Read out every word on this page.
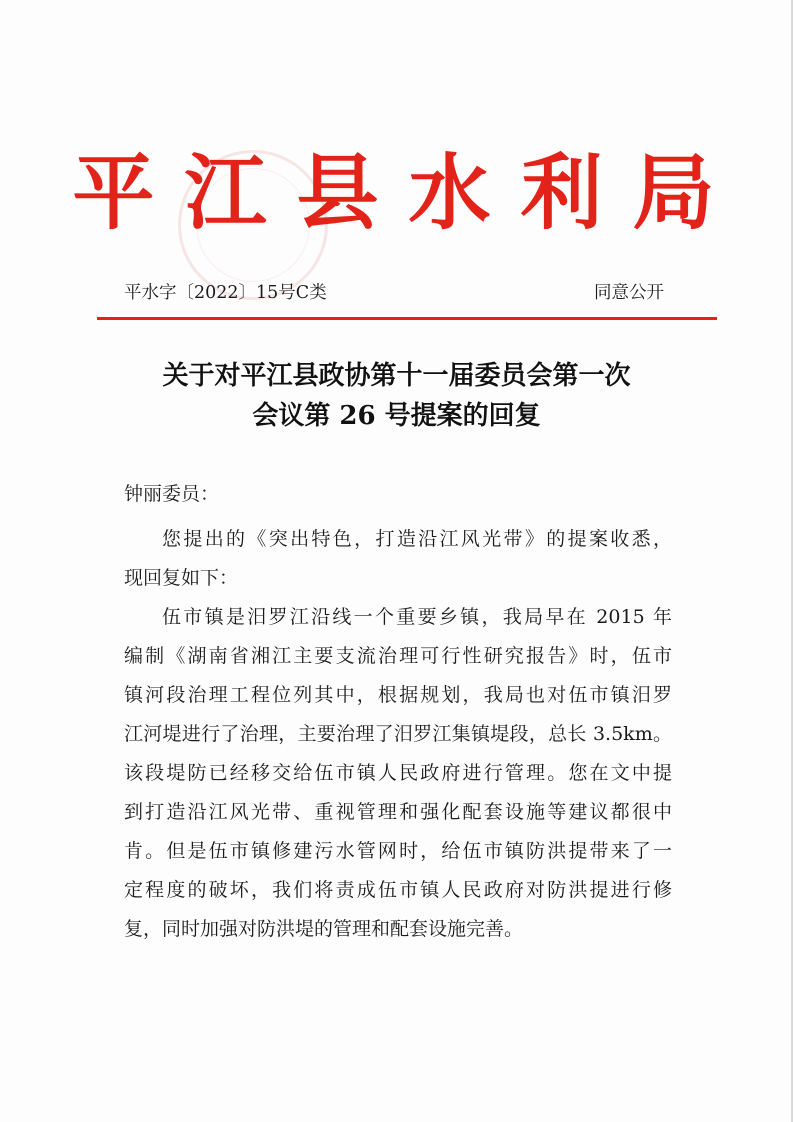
平江县水利局
平水字〔2022〕15号C类	同意公开
关于对平江县政协第十一届委员会第一次
会议第 26 号提案的回复
钟丽委员：
您提出的《突出特色，打造沿江风光带》的提案收悉，
现回复如下：
伍市镇是汨罗江沿线一个重要乡镇，我局早在 2015 年
编制《湖南省湘江主要支流治理可行性研究报告》时，伍市
镇河段治理工程位列其中，根据规划，我局也对伍市镇汨罗
江河堤进行了治理，主要治理了汨罗江集镇堤段，总长 3.5km。
该段堤防已经移交给伍市镇人民政府进行管理。您在文中提
到打造沿江风光带、重视管理和强化配套设施等建议都很中
肯。但是伍市镇修建污水管网时，给伍市镇防洪提带来了一
定程度的破坏，我们将责成伍市镇人民政府对防洪提进行修
复，同时加强对防洪堤的管理和配套设施完善。
